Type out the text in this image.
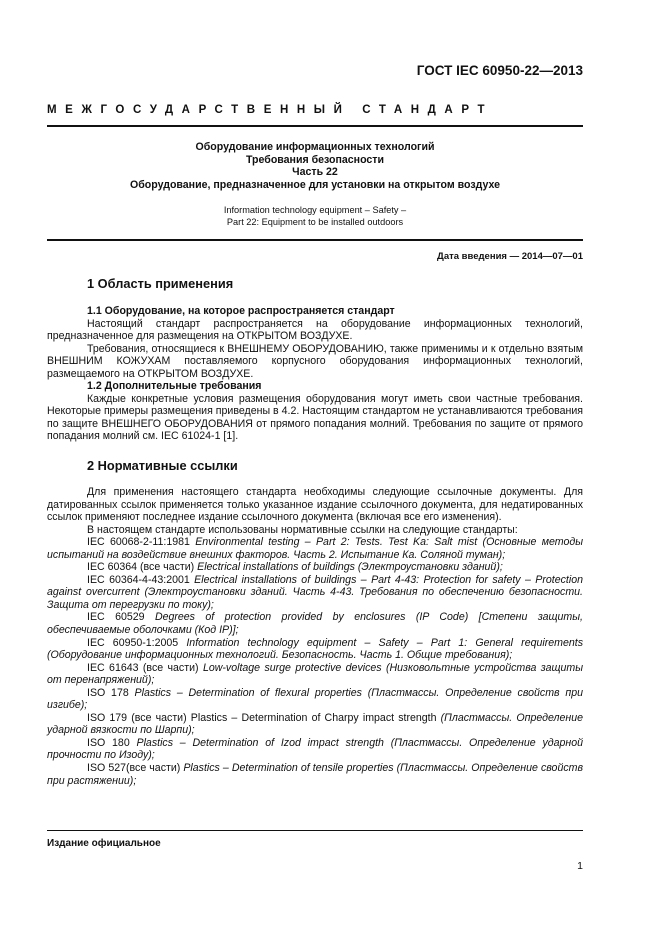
ГОСТ IEC 60950-22—2013
МЕЖГОСУДАРСТВЕННЫЙ СТАНДАРТ
Оборудование информационных технологий
Требования безопасности
Часть 22
Оборудование, предназначенное для установки на открытом воздухе
Information technology equipment – Safety –
Part 22: Equipment to be installed outdoors
Дата введения — 2014—07—01
1 Область применения

1.1 Оборудование, на которое распространяется стандарт

Настоящий стандарт распространяется на оборудование информационных технологий, предназначенное для размещения на ОТКРЫТОМ ВОЗДУХЕ.

Требования, относящиеся к ВНЕШНЕМУ ОБОРУДОВАНИЮ, также применимы и к отдельно взятым ВНЕШНИМ КОЖУХАМ поставляемого корпусного оборудования информационных технологий, размещаемого на ОТКРЫТОМ ВОЗДУХЕ.

1.2 Дополнительные требования

Каждые конкретные условия размещения оборудования могут иметь свои частные требования. Некоторые примеры размещения приведены в 4.2. Настоящим стандартом не устанавливаются требования по защите ВНЕШНЕГО ОБОРУДОВАНИЯ от прямого попадания молний. Требования по защите от прямого попадания молний см. IEC 61024-1 [1].

2 Нормативные ссылки

Для применения настоящего стандарта необходимы следующие ссылочные документы. Для датированных ссылок применяется только указанное издание ссылочного документа, для недатированных ссылок применяют последнее издание ссылочного документа (включая все его изменения).

В настоящем стандарте использованы нормативные ссылки на следующие стандарты:

IEC 60068-2-11:1981 Environmental testing – Part 2: Tests. Test Ka: Salt mist (Основные методы испытаний на воздействие внешних факторов. Часть 2. Испытание Ка. Соляной туман);

IEC 60364 (все части) Electrical installations of buildings (Электроустановки зданий);

IEC 60364-4-43:2001 Electrical installations of buildings – Part 4-43: Protection for safety – Protection against overcurrent (Электроустановки зданий. Часть 4-43. Требования по обеспечению безопасности. Защита от перегрузки по току);

IEC 60529 Degrees of protection provided by enclosures (IP Code) [Степени защиты, обеспечиваемые оболочками (Код IP)];

IEC 60950-1:2005 Information technology equipment – Safety – Part 1: General requirements (Оборудование информационных технологий. Безопасность. Часть 1. Общие требования);

IEC 61643 (все части) Low-voltage surge protective devices (Низковольтные устройства защиты от перенапряжений);

ISO 178 Plastics – Determination of flexural properties (Пластмассы. Определение свойств при изгибе);

ISO 179 (все части) Plastics – Determination of Charpy impact strength (Пластмассы. Определение ударной вязкости по Шарпи);

ISO 180 Plastics – Determination of Izod impact strength (Пластмассы. Определение ударной прочности по Изоду);

ISO 527(все части) Plastics – Determination of tensile properties (Пластмассы. Определение свойств при растяжении);

Издание официальное
1
